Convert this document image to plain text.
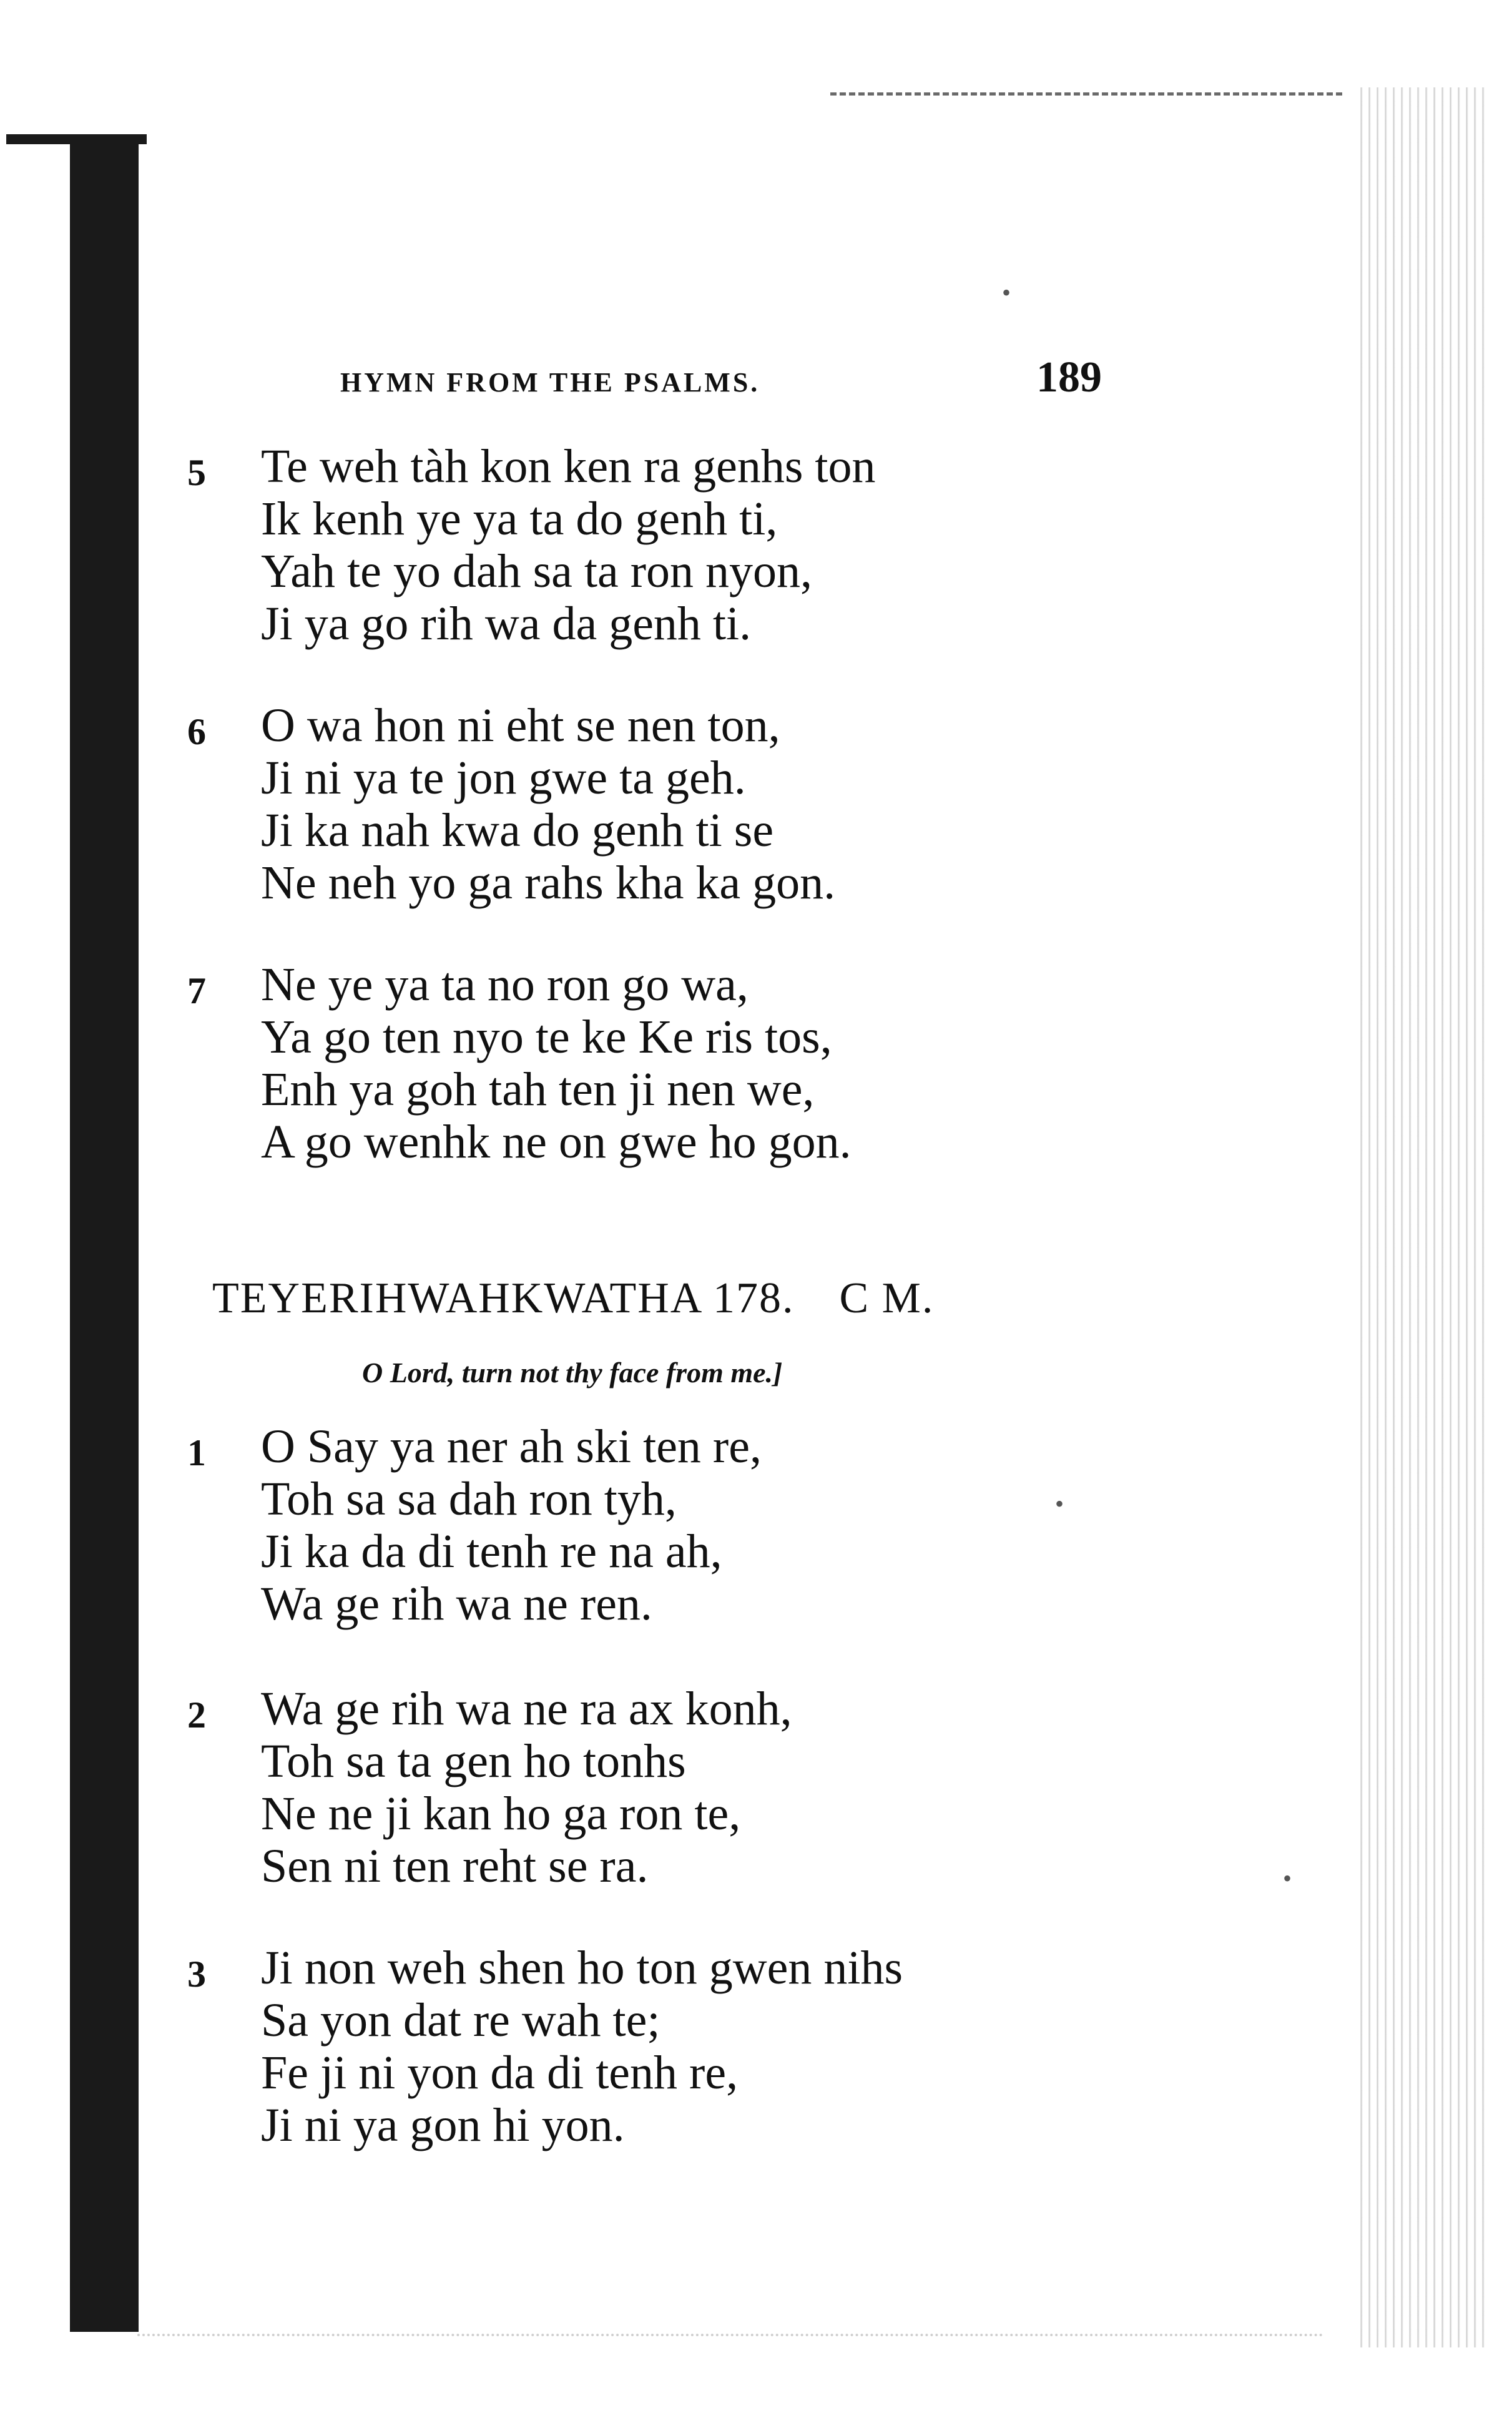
HYMN FROM THE PSALMS.	189
5	Te weh tàh kon ken ra genhs ton
Ik kenh ye ya ta do genh ti,
Yah te yo dah sa ta ron nyon,
Ji ya go rih wa da genh ti.
6	O wa hon ni eht se nen ton,
Ji ni ya te jon gwe ta geh.
Ji ka nah kwa do genh ti se
Ne neh yo ga rahs kha ka gon.
7	Ne ye ya ta no ron go wa,
Ya go ten nyo te ke Ke ris tos,
Enh ya goh tah ten ji nen we,
A go wenhk ne on gwe ho gon.
TEYERIHWAHKWATHA 178. C M.
O Lord, turn not thy face from me.]
1	O Say ya ner ah ski ten re,
Toh sa sa dah ron tyh,
Ji ka da di tenh re na ah,
Wa ge rih wa ne ren.
2	Wa ge rih wa ne ra ax konh,
Toh sa ta gen ho tonhs
Ne ne ji kan ho ga ron te,
Sen ni ten reht se ra.
3	Ji non weh shen ho ton gwen nihs
Sa yon dat re wah te;
Fe ji ni yon da di tenh re,
Ji ni ya gon hi yon.
•
•
•
